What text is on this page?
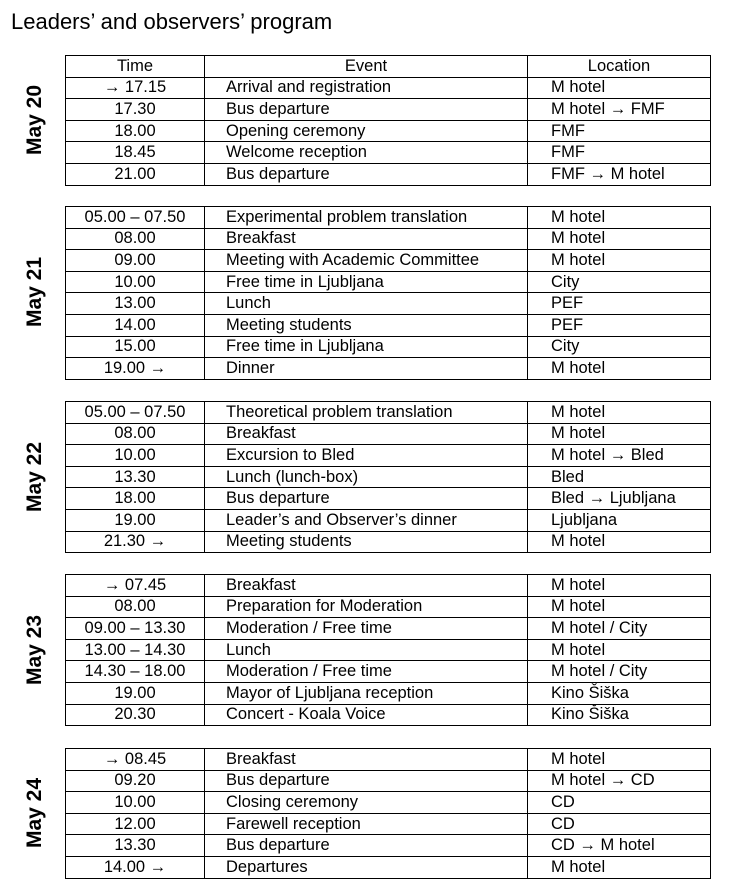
Leaders’ and observers’ program
May 20
Time	Event	Location
→ 17.15	Arrival and registration	M hotel
17.30	Bus departure	M hotel → FMF
18.00	Opening ceremony	FMF
18.45	Welcome reception	FMF
21.00	Bus departure	FMF → M hotel
May 21
05.00 – 07.50	Experimental problem translation	M hotel
08.00	Breakfast	M hotel
09.00	Meeting with Academic Committee	M hotel
10.00	Free time in Ljubljana	City
13.00	Lunch	PEF
14.00	Meeting students	PEF
15.00	Free time in Ljubljana	City
19.00 →	Dinner	M hotel
May 22
05.00 – 07.50	Theoretical problem translation	M hotel
08.00	Breakfast	M hotel
10.00	Excursion to Bled	M hotel → Bled
13.30	Lunch (lunch-box)	Bled
18.00	Bus departure	Bled → Ljubljana
19.00	Leader’s and Observer’s dinner	Ljubljana
21.30 →	Meeting students	M hotel
May 23
→ 07.45	Breakfast	M hotel
08.00	Preparation for Moderation	M hotel
09.00 – 13.30	Moderation / Free time	M hotel / City
13.00 – 14.30	Lunch	M hotel
14.30 – 18.00	Moderation / Free time	M hotel / City
19.00	Mayor of Ljubljana reception	Kino Šiška
20.30	Concert - Koala Voice	Kino Šiška
May 24
→ 08.45	Breakfast	M hotel
09.20	Bus departure	M hotel → CD
10.00	Closing ceremony	CD
12.00	Farewell reception	CD
13.30	Bus departure	CD → M hotel
14.00 →	Departures	M hotel
